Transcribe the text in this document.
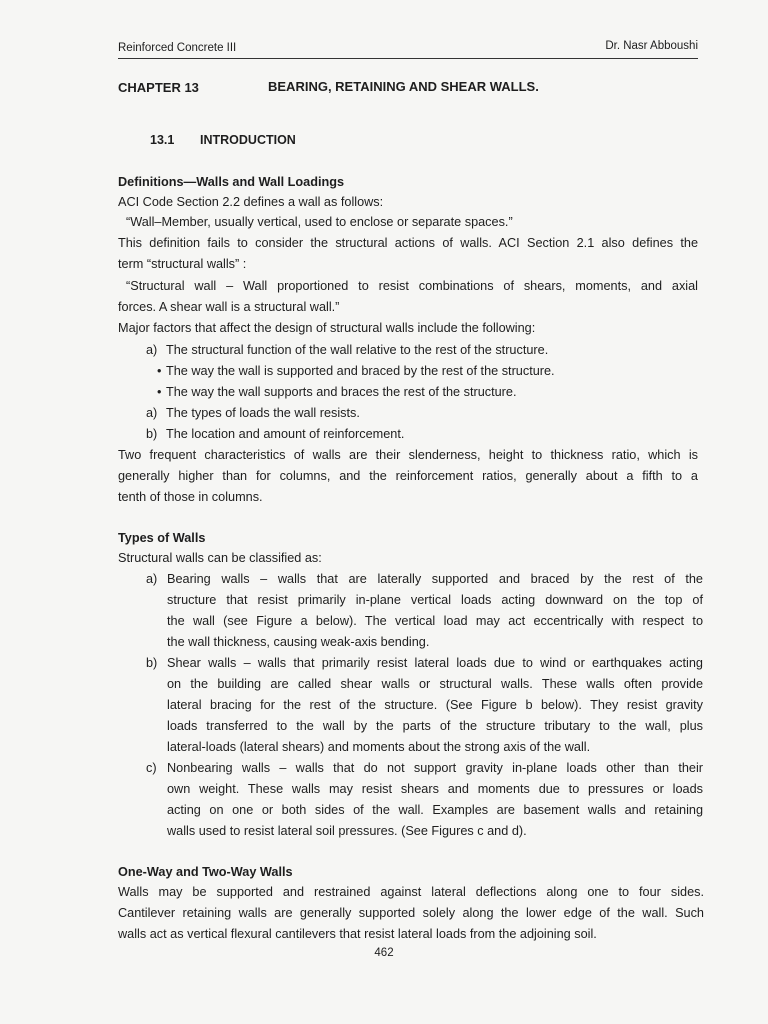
Reinforced Concrete III	Dr. Nasr Abboushi
CHAPTER 13	BEARING, RETAINING AND SHEAR WALLS.
13.1 INTRODUCTION
Definitions—Walls and Wall Loadings
ACI Code Section 2.2 defines a wall as follows:
“Wall–Member, usually vertical, used to enclose or separate spaces.”
This definition fails to consider the structural actions of walls. ACI Section 2.1 also defines the
term “structural walls” :
“Structural wall – Wall proportioned to resist combinations of shears, moments, and axial
forces. A shear wall is a structural wall.”
Major factors that affect the design of structural walls include the following:
a) The structural function of the wall relative to the rest of the structure.
• The way the wall is supported and braced by the rest of the structure.
• The way the wall supports and braces the rest of the structure.
a) The types of loads the wall resists.
b) The location and amount of reinforcement.
Two frequent characteristics of walls are their slenderness, height to thickness ratio, which is
generally higher than for columns, and the reinforcement ratios, generally about a fifth to a
tenth of those in columns.
Types of Walls
Structural walls can be classified as:
a) Bearing walls – walls that are laterally supported and braced by the rest of the
structure that resist primarily in-plane vertical loads acting downward on the top of
the wall (see Figure a below). The vertical load may act eccentrically with respect to
the wall thickness, causing weak-axis bending.
b) Shear walls – walls that primarily resist lateral loads due to wind or earthquakes acting
on the building are called shear walls or structural walls. These walls often provide
lateral bracing for the rest of the structure. (See Figure b below). They resist gravity
loads transferred to the wall by the parts of the structure tributary to the wall, plus
lateral-loads (lateral shears) and moments about the strong axis of the wall.
c) Nonbearing walls – walls that do not support gravity in-plane loads other than their
own weight. These walls may resist shears and moments due to pressures or loads
acting on one or both sides of the wall. Examples are basement walls and retaining
walls used to resist lateral soil pressures. (See Figures c and d).
One-Way and Two-Way Walls
Walls may be supported and restrained against lateral deflections along one to four sides.
Cantilever retaining walls are generally supported solely along the lower edge of the wall. Such
walls act as vertical flexural cantilevers that resist lateral loads from the adjoining soil.
462
